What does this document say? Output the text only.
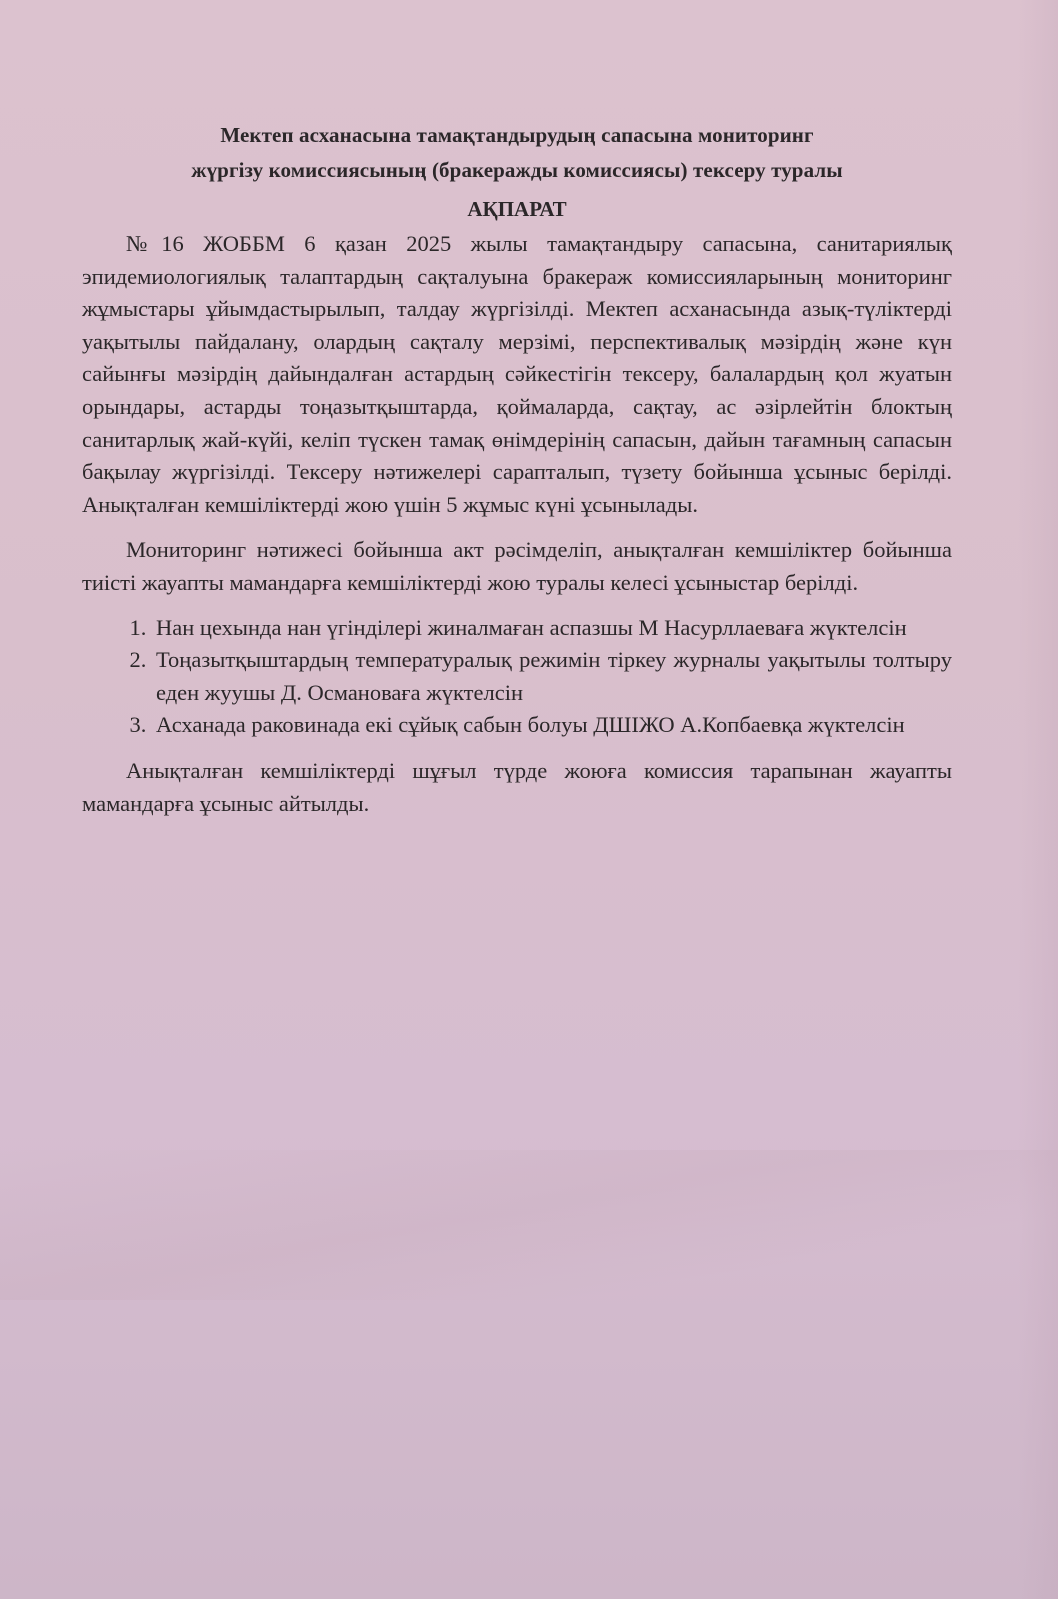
Мектеп асханасына тамақтандырудың сапасына мониторинг
жүргізу комиссиясының (бракеражды комиссиясы) тексеру туралы
АҚПАРАТ

№16 ЖОББМ 6 қазан 2025 жылы тамақтандыру сапасына, санитариялық эпидемиологиялық талаптардың сақталуына бракераж комиссияларының мониторинг жұмыстары ұйымдастырылып, талдау жүргізілді. Мектеп асханасында азық-түліктерді уақытылы пайдалану, олардың сақталу мерзімі, перспективалық мәзірдің және күн сайынғы мәзірдің дайындалған астардың сәйкестігін тексеру, балалардың қол жуатын орындары, астарды тоңазытқыштарда, қоймаларда, сақтау, ас әзірлейтін блоктың санитарлық жай-күйі, келіп түскен тамақ өнімдерінің сапасын, дайын тағамның сапасын бақылау жүргізілді. Тексеру нәтижелері сарапталып, түзету бойынша ұсыныс берілді. Анықталған кемшіліктерді жою үшін 5 жұмыс күні ұсынылады.

Мониторинг нәтижесі бойынша акт рәсімделіп, анықталған кемшіліктер бойынша тиісті жауапты мамандарға кемшіліктерді жою туралы келесі ұсыныстар берілді.

1. Нан цехында нан үгінділері жиналмаған аспазшы М Насурллаеваға жүктелсін
2. Тоңазытқыштардың температуралық режимін тіркеу журналы уақытылы толтыру еден жуушы Д. Османоваға жүктелсін
3. Асханада раковинада екі сұйық сабын болуы ДШІЖО А.Копбаевқа жүктелсін

Анықталған кемшіліктерді шұғыл түрде жоюға комиссия тарапынан жауапты мамандарға ұсыныс айтылды.
